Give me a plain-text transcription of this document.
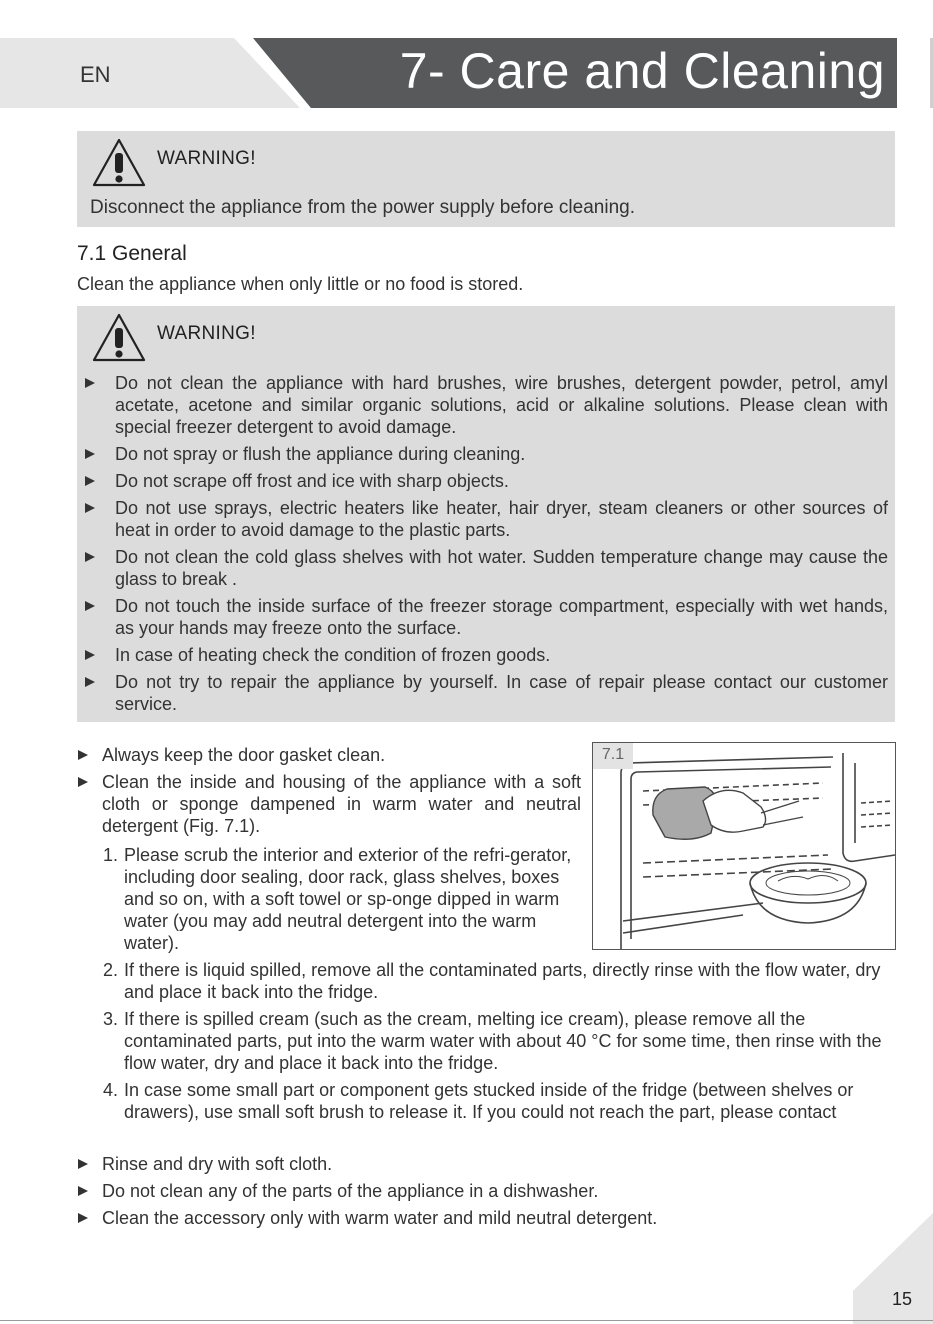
EN	7- Care and Cleaning
WARNING!
Disconnect the appliance from the power supply before cleaning.
7.1 General
Clean the appliance when only little or no food is stored.
WARNING!
Do not clean the appliance with hard brushes, wire brushes, detergent powder, petrol, amyl acetate, acetone and similar organic solutions, acid or alkaline solutions. Please clean with special freezer detergent to avoid damage.
Do not spray or flush the appliance during cleaning.
Do not scrape off frost and ice with sharp objects.
Do not use sprays, electric heaters like heater, hair dryer, steam cleaners or other sources of heat in order to avoid damage to the plastic parts.
Do not clean the cold glass shelves with hot water. Sudden temperature change may cause the glass to break .
Do not touch the inside surface of the freezer storage compartment, especially with wet hands, as your hands may freeze onto the surface.
In case of heating check the condition of frozen goods.
Do not try to repair the appliance by yourself. In case of repair please contact our customer service.
Always keep the door gasket clean.
Clean the inside and housing of the appliance with a soft cloth or sponge dampened in warm water and neutral detergent (Fig. 7.1).
1. Please scrub the interior and exterior of the refri-gerator, including door sealing, door rack, glass shelves, boxes and so on, with a soft towel or sp-onge dipped in warm water (you may add neutral detergent into the warm water).
2. If there is liquid spilled, remove all the contaminated parts, directly rinse with the flow water, dry and place it back into the fridge.
3. If there is spilled cream (such as the cream, melting ice cream), please remove all the contaminated parts, put into the warm water with about 40 °C for some time, then rinse with the flow water, dry and place it back into the fridge.
4. In case some small part or component gets stucked inside of the fridge (between shelves or drawers), use small soft brush to release it. If you could not reach the part, please contact
Rinse and dry with soft cloth.
Do not clean any of the parts of the appliance in a dishwasher.
Clean the accessory only with warm water and mild neutral detergent.
7.1
15
